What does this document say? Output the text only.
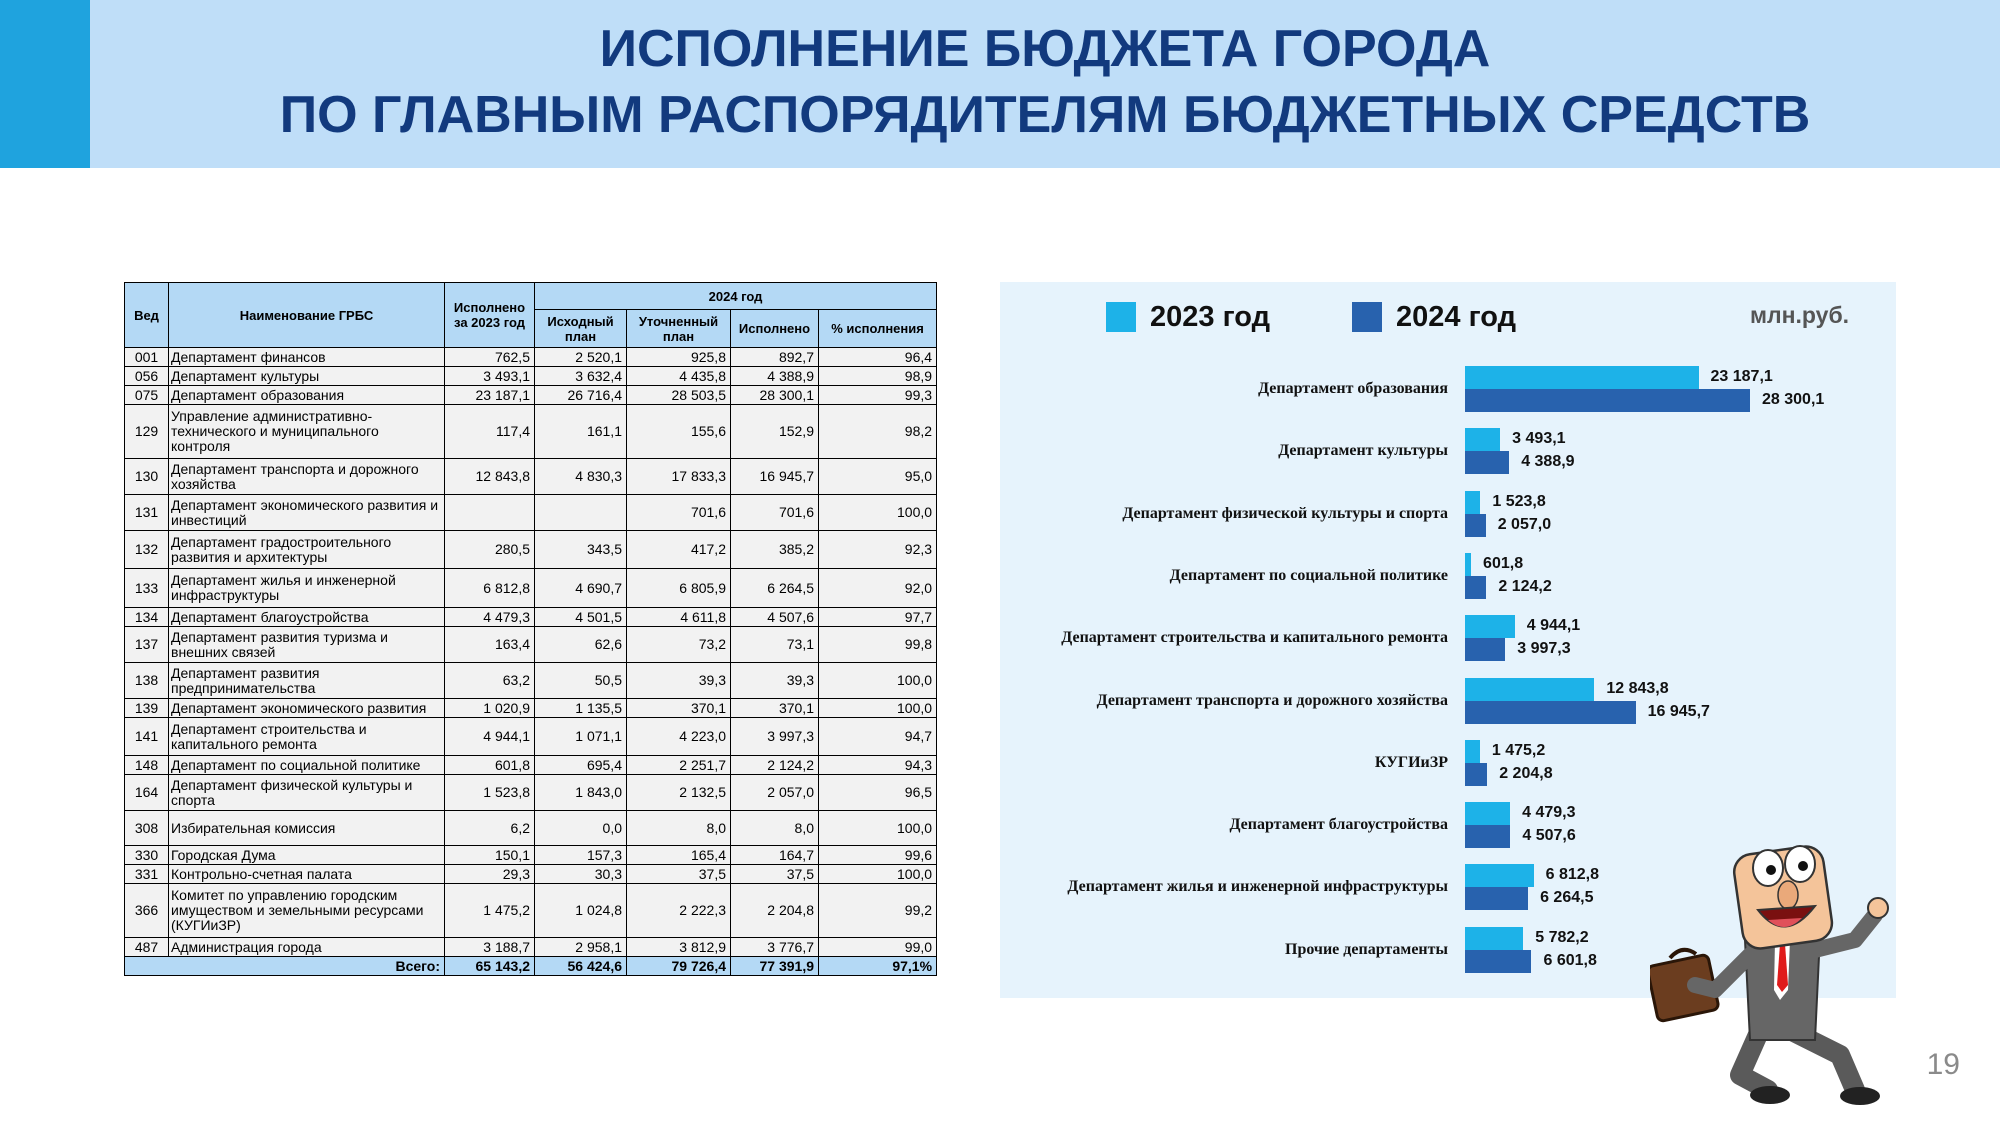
ИСПОЛНЕНИЕ БЮДЖЕТА ГОРОДА
ПО ГЛАВНЫМ РАСПОРЯДИТЕЛЯМ БЮДЖЕТНЫХ СРЕДСТВ
Вед	Наименование ГРБС	Исполнено за 2023 год	2024 год			
			Исходный план	Уточненный план	Исполнено	% исполнения
001	Департамент финансов	762,5	2 520,1	925,8	892,7	96,4
056	Департамент культуры	3 493,1	3 632,4	4 435,8	4 388,9	98,9
075	Департамент образования	23 187,1	26 716,4	28 503,5	28 300,1	99,3
129	Управление административно-технического и муниципального контроля	117,4	161,1	155,6	152,9	98,2
130	Департамент транспорта и дорожного хозяйства	12 843,8	4 830,3	17 833,3	16 945,7	95,0
131	Департамент экономического развития и инвестиций			701,6	701,6	100,0
132	Департамент градостроительного развития и архитектуры	280,5	343,5	417,2	385,2	92,3
133	Департамент жилья и инженерной инфраструктуры	6 812,8	4 690,7	6 805,9	6 264,5	92,0
134	Департамент благоустройства	4 479,3	4 501,5	4 611,8	4 507,6	97,7
137	Департамент развития туризма и внешних связей	163,4	62,6	73,2	73,1	99,8
138	Департамент развития предпринимательства	63,2	50,5	39,3	39,3	100,0
139	Департамент экономического развития	1 020,9	1 135,5	370,1	370,1	100,0
141	Департамент строительства и капитального ремонта	4 944,1	1 071,1	4 223,0	3 997,3	94,7
148	Департамент по социальной политике	601,8	695,4	2 251,7	2 124,2	94,3
164	Департамент физической культуры и спорта	1 523,8	1 843,0	2 132,5	2 057,0	96,5
308	Избирательная комиссия	6,2	0,0	8,0	8,0	100,0
330	Городская Дума	150,1	157,3	165,4	164,7	99,6
331	Контрольно-счетная палата	29,3	30,3	37,5	37,5	100,0
366	Комитет по управлению городским имуществом и земельными ресурсами (КУГИиЗР)	1 475,2	1 024,8	2 222,3	2 204,8	99,2
487	Администрация города	3 188,7	2 958,1	3 812,9	3 776,7	99,0
Всего:		65 143,2	56 424,6	79 726,4	77 391,9	97,1%
2023 год	2024 год	млн.руб.
Департамент образования
23 187,1
28 300,1
Департамент культуры
3 493,1
4 388,9
Департамент физической культуры и спорта
1 523,8
2 057,0
Департамент по социальной политике
601,8
2 124,2
Департамент строительства и капитального ремонта
4 944,1
3 997,3
Департамент транспорта и дорожного хозяйства
12 843,8
16 945,7
КУГИиЗР
1 475,2
2 204,8
Департамент благоустройства
4 479,3
4 507,6
Департамент жилья и инженерной инфраструктуры
6 812,8
6 264,5
Прочие департаменты
5 782,2
6 601,8
19
